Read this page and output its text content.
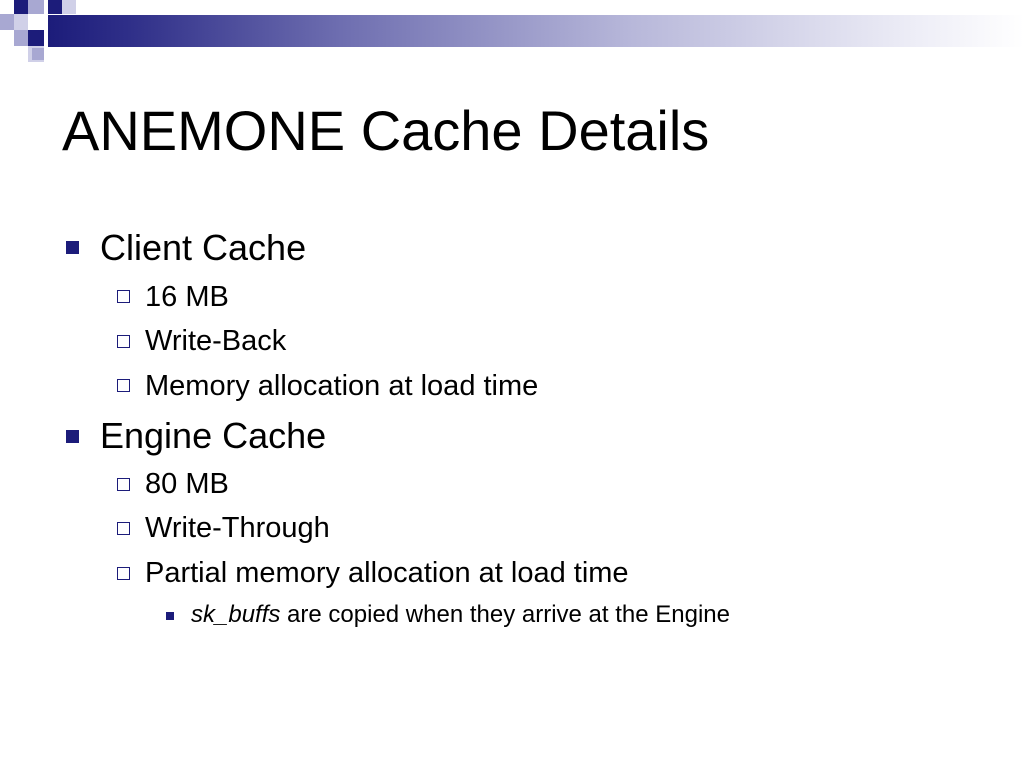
ANEMONE Cache Details
Client Cache
16 MB
Write-Back
Memory allocation at load time
Engine Cache
80 MB
Write-Through
Partial memory allocation at load time
sk_buffs are copied when they arrive at the Engine
